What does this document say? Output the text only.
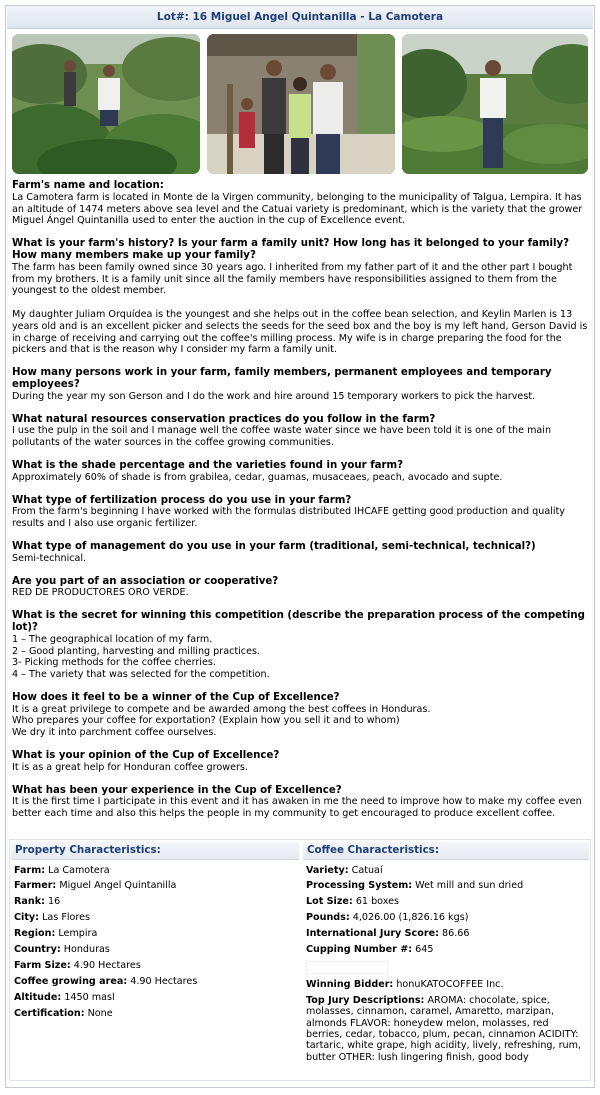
Lot#: 16 Miguel Angel Quintanilla - La Camotera
Farm's name and location:
La Camotera farm is located in Monte de la Virgen community, belonging to the municipality of Talgua, Lempira. It has an altitude of 1474 meters above sea level and the Catuai variety is predominant, which is the variety that the grower Miguel Ángel Quintanilla used to enter the auction in the cup of Excellence event.
What is your farm's history? Is your farm a family unit? How long has it belonged to your family? How many members make up your family?
The farm has been family owned since 30 years ago. I inherited from my father part of it and the other part I bought from my brothers. It is a family unit since all the family members have responsibilities assigned to them from the youngest to the oldest member.

My daughter Juliam Orquídea is the youngest and she helps out in the coffee bean selection, and Keylin Marlen is 13 years old and is an excellent picker and selects the seeds for the seed box and the boy is my left hand, Gerson David is in charge of receiving and carrying out the coffee's milling process. My wife is in charge preparing the food for the pickers and that is the reason why I consider my farm a family unit.
How many persons work in your farm, family members, permanent employees and temporary employees?
During the year my son Gerson and I do the work and hire around 15 temporary workers to pick the harvest.
What natural resources conservation practices do you follow in the farm?
I use the pulp in the soil and I manage well the coffee waste water since we have been told it is one of the main pollutants of the water sources in the coffee growing communities.
What is the shade percentage and the varieties found in your farm?
Approximately 60% of shade is from grabilea, cedar, guamas, musaceaes, peach, avocado and supte.
What type of fertilization process do you use in your farm?
From the farm's beginning I have worked with the formulas distributed IHCAFE getting good production and quality results and I also use organic fertilizer.
What type of management do you use in your farm (traditional, semi-technical, technical?)
Semi-technical.
Are you part of an association or cooperative?
RED DE PRODUCTORES ORO VERDE.
What is the secret for winning this competition (describe the preparation process of the competing lot)?
1 – The geographical location of my farm.
2 – Good planting, harvesting and milling practices.
3- Picking methods for the coffee cherries.
4 – The variety that was selected for the competition.
How does it feel to be a winner of the Cup of Excellence?
It is a great privilege to compete and be awarded among the best coffees in Honduras.
Who prepares your coffee for exportation? (Explain how you sell it and to whom)
We dry it into parchment coffee ourselves.
What is your opinion of the Cup of Excellence?
It is as a great help for Honduran coffee growers.
What has been your experience in the Cup of Excellence?
It is the first time I participate in this event and it has awaken in me the need to improve how to make my coffee even better each time and also this helps the people in my community to get encouraged to produce excellent coffee.
Property Characteristics:
Farm: La Camotera
Farmer: Miguel Angel Quintanilla
Rank: 16
City: Las Flores
Region: Lempira
Country: Honduras
Farm Size: 4.90 Hectares
Coffee growing area: 4.90 Hectares
Altitude: 1450 masl
Certification: None
Coffee Characteristics:
Variety: Catuaí
Processing System: Wet mill and sun dried
Lot Size: 61 boxes
Pounds: 4,026.00 (1,826.16 kgs)
International Jury Score: 86.66
Cupping Number #: 645
Winning Bidder: honuKATOCOFFEE Inc.
Top Jury Descriptions: AROMA: chocolate, spice, molasses, cinnamon, caramel, Amaretto, marzipan, almonds FLAVOR: honeydew melon, molasses, red berries, cedar, tobacco, plum, pecan, cinnamon ACIDITY: tartaric, white grape, high acidity, lively, refreshing, rum, butter OTHER: lush lingering finish, good body
